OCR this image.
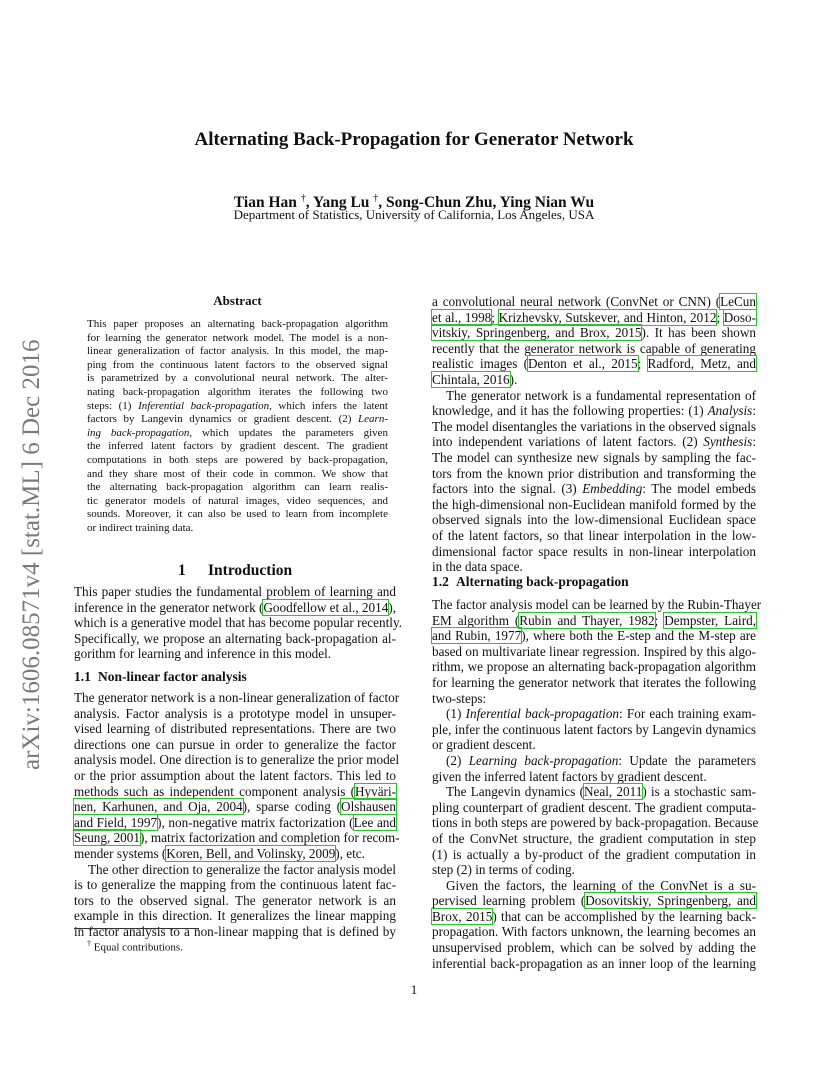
arXiv:1606.08571v4 [stat.ML] 6 Dec 2016
Alternating Back-Propagation for Generator Network
Tian Han †, Yang Lu †, Song-Chun Zhu, Ying Nian Wu
Department of Statistics, University of California, Los Angeles, USA
Abstract
This paper proposes an alternating back-propagation algorithm
for learning the generator network model. The model is a non-
linear generalization of factor analysis. In this model, the map-
ping from the continuous latent factors to the observed signal
is parametrized by a convolutional neural network. The alter-
nating back-propagation algorithm iterates the following two
steps: (1) Inferential back-propagation, which infers the latent
factors by Langevin dynamics or gradient descent. (2) Learn-
ing back-propagation, which updates the parameters given
the inferred latent factors by gradient descent. The gradient
computations in both steps are powered by back-propagation,
and they share most of their code in common. We show that
the alternating back-propagation algorithm can learn realis-
tic generator models of natural images, video sequences, and
sounds. Moreover, it can also be used to learn from incomplete
or indirect training data.
1 Introduction
This paper studies the fundamental problem of learning and
inference in the generator network (Goodfellow et al., 2014),
which is a generative model that has become popular recently.
Specifically, we propose an alternating back-propagation al-
gorithm for learning and inference in this model.
1.1 Non-linear factor analysis
The generator network is a non-linear generalization of factor
analysis. Factor analysis is a prototype model in unsuper-
vised learning of distributed representations. There are two
directions one can pursue in order to generalize the factor
analysis model. One direction is to generalize the prior model
or the prior assumption about the latent factors. This led to
methods such as independent component analysis (Hyväri-
nen, Karhunen, and Oja, 2004), sparse coding (Olshausen
and Field, 1997), non-negative matrix factorization (Lee and
Seung, 2001), matrix factorization and completion for recom-
mender systems (Koren, Bell, and Volinsky, 2009), etc.
The other direction to generalize the factor analysis model
is to generalize the mapping from the continuous latent fac-
tors to the observed signal. The generator network is an
example in this direction. It generalizes the linear mapping
in factor analysis to a non-linear mapping that is defined by
† Equal contributions.
a convolutional neural network (ConvNet or CNN) (LeCun
et al., 1998; Krizhevsky, Sutskever, and Hinton, 2012; Doso-
vitskiy, Springenberg, and Brox, 2015). It has been shown
recently that the generator network is capable of generating
realistic images (Denton et al., 2015; Radford, Metz, and
Chintala, 2016).
The generator network is a fundamental representation of
knowledge, and it has the following properties: (1) Analysis:
The model disentangles the variations in the observed signals
into independent variations of latent factors. (2) Synthesis:
The model can synthesize new signals by sampling the fac-
tors from the known prior distribution and transforming the
factors into the signal. (3) Embedding: The model embeds
the high-dimensional non-Euclidean manifold formed by the
observed signals into the low-dimensional Euclidean space
of the latent factors, so that linear interpolation in the low-
dimensional factor space results in non-linear interpolation
in the data space.
1.2 Alternating back-propagation
The factor analysis model can be learned by the Rubin-Thayer
EM algorithm (Rubin and Thayer, 1982; Dempster, Laird,
and Rubin, 1977), where both the E-step and the M-step are
based on multivariate linear regression. Inspired by this algo-
rithm, we propose an alternating back-propagation algorithm
for learning the generator network that iterates the following
two-steps:
(1) Inferential back-propagation: For each training exam-
ple, infer the continuous latent factors by Langevin dynamics
or gradient descent.
(2) Learning back-propagation: Update the parameters
given the inferred latent factors by gradient descent.
The Langevin dynamics (Neal, 2011) is a stochastic sam-
pling counterpart of gradient descent. The gradient computa-
tions in both steps are powered by back-propagation. Because
of the ConvNet structure, the gradient computation in step
(1) is actually a by-product of the gradient computation in
step (2) in terms of coding.
Given the factors, the learning of the ConvNet is a su-
pervised learning problem (Dosovitskiy, Springenberg, and
Brox, 2015) that can be accomplished by the learning back-
propagation. With factors unknown, the learning becomes an
unsupervised problem, which can be solved by adding the
inferential back-propagation as an inner loop of the learning
1
